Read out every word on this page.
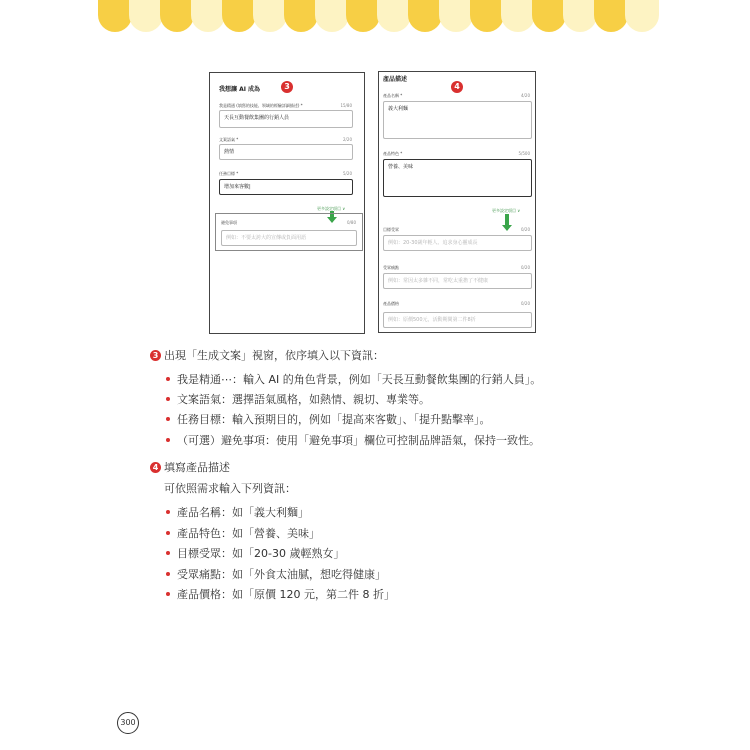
我想讓 AI 成為	3
我是精通 (填寫的技能、領域的經驗詳細描述) *	15/80
天長互動餐飲集團的行銷人員
文案語氣 *	2/20
熱情
任務目標 *	5/20
增加來客數|
更多設定項目 ∨
避免事項	0/80
例如：不要太誇大的宣傳或負面用語
產品描述
4
產品名稱 *	4/20
義大利麵
產品特色 *	5/500
營養、美味
更多設定項目 ∨
目標受眾	0/20
例如：20-30歲年輕人、追求身心靈成長
受眾痛點	0/20
例如：常因太多雜不同，常吃太重擔了不健康
產品價格	0/20
例如：原價500元，活動期間第二件8折
3 出現「生成文案」視窗，依序填入以下資訊：
我是精通⋯：輸入 AI 的角色背景，例如「天長互動餐飲集團的行銷人員」。
文案語氣：選擇語氣風格，如熱情、親切、專業等。
任務目標：輸入預期目的，例如「提高來客數」、「提升點擊率」。
（可選）避免事項：使用「避免事項」欄位可控制品牌語氣，保持一致性。
4 填寫產品描述
可依照需求輸入下列資訊：
產品名稱：如「義大利麵」
產品特色：如「營養、美味」
目標受眾：如「20-30 歲輕熟女」
受眾痛點：如「外食太油膩，想吃得健康」
產品價格：如「原價 120 元，第二件 8 折」
300
